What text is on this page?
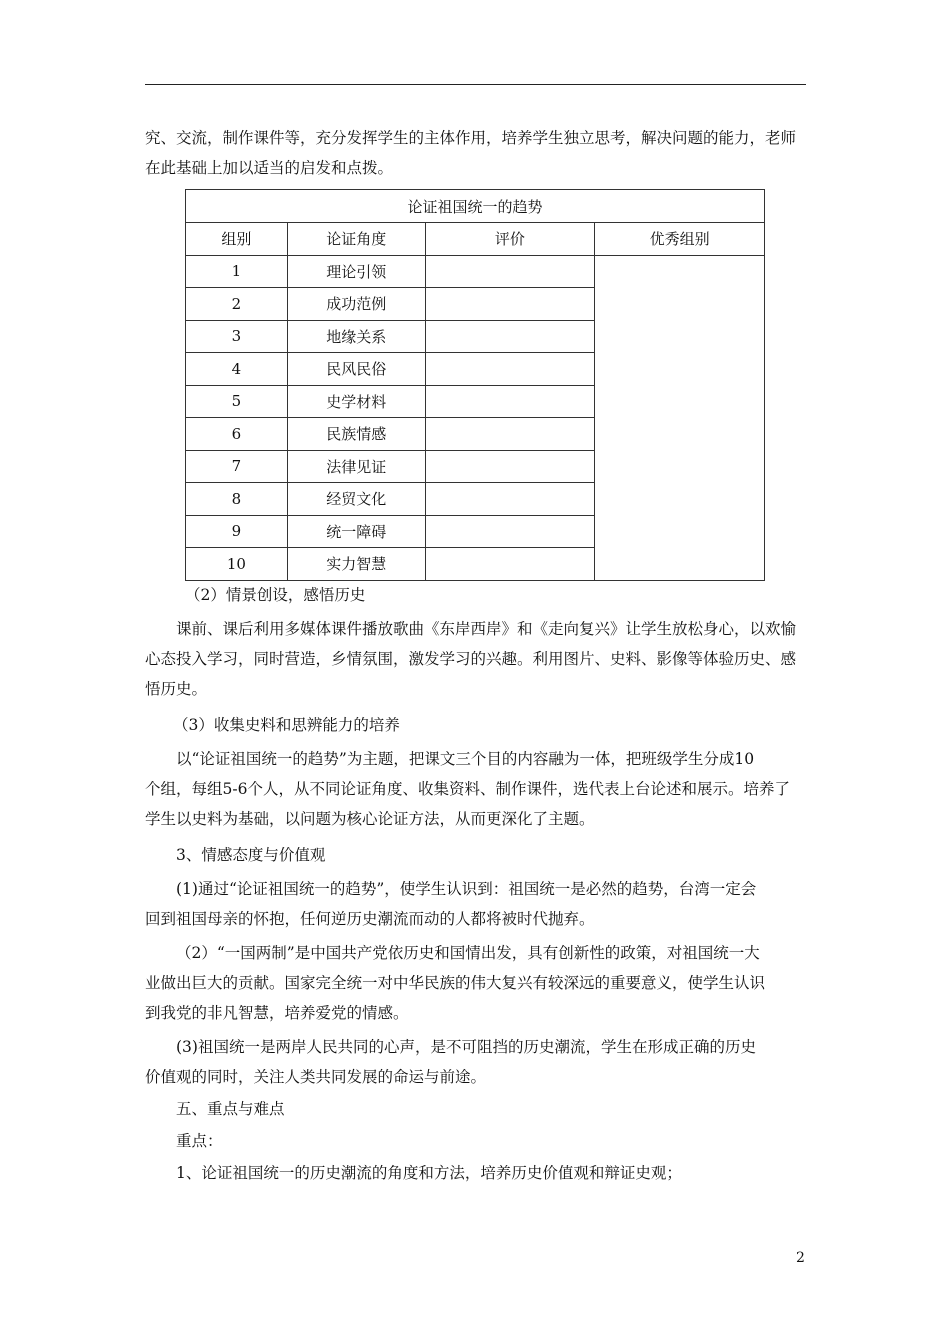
究、交流，制作课件等，充分发挥学生的主体作用，培养学生独立思考，解决问题的能力，老师
在此基础上加以适当的启发和点拨。

论证祖国统一的趋势			
组别	论证角度	评价	优秀组别
1	理论引领		
2	成功范例		
3	地缘关系		
4	民风民俗		
5	史学材料		
6	民族情感		
7	法律见证		
8	经贸文化		
9	统一障碍		
10	实力智慧		

（2）情景创设，感悟历史
课前、课后利用多媒体课件播放歌曲《东岸西岸》和《走向复兴》让学生放松身心，以欢愉
心态投入学习，同时营造，乡情氛围，激发学习的兴趣。利用图片、史料、影像等体验历史、感
悟历史。

（3）收集史料和思辨能力的培养
以“论证祖国统一的趋势”为主题，把课文三个目的内容融为一体，把班级学生分成10
个组，每组5-6个人，从不同论证角度、收集资料、制作课件，选代表上台论述和展示。培养了
学生以史料为基础，以问题为核心论证方法，从而更深化了主题。

3、情感态度与价值观
(1)通过“论证祖国统一的趋势”，使学生认识到：祖国统一是必然的趋势，台湾一定会
回到祖国母亲的怀抱，任何逆历史潮流而动的人都将被时代抛弃。
（2）“一国两制”是中国共产党依历史和国情出发，具有创新性的政策，对祖国统一大
业做出巨大的贡献。国家完全统一对中华民族的伟大复兴有较深远的重要意义，使学生认识
到我党的非凡智慧，培养爱党的情感。
(3)祖国统一是两岸人民共同的心声，是不可阻挡的历史潮流，学生在形成正确的历史
价值观的同时，关注人类共同发展的命运与前途。

五、重点与难点
重点：
1、论证祖国统一的历史潮流的角度和方法，培养历史价值观和辩证史观；

2
